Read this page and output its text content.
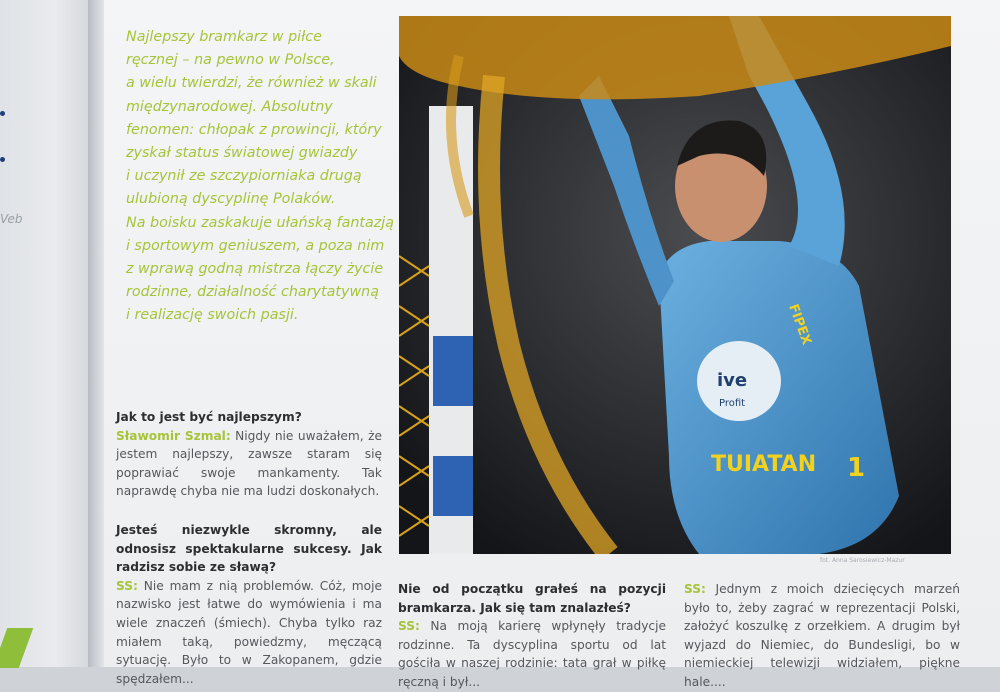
Veb

Najlepszy bramkarz w piłce

ręcznej – na pewno w Polsce,

a wielu twierdzi, że również w skali

międzynarodowej. Absolutny

fenomen: chłopak z prowincji, który

zyskał status światowej gwiazdy

i uczynił ze szczypiorniaka drugą

ulubioną dyscyplinę Polaków.

Na boisku zaskakuje ułańską fantazją

i sportowym geniuszem, a poza nim

z wprawą godną mistrza łączy życie

rodzinne, działalność charytatywną

i realizację swoich pasji.

Jak to jest być najlepszym?

Sławomir Szmal: Nigdy nie uważałem, że jestem najlepszy, zawsze staram się poprawiać swoje mankamenty. Tak naprawdę chyba nie ma ludzi doskonałych.

Jesteś niezwykle skromny, ale odnosisz spektakularne sukcesy. Jak radzisz sobie ze sławą?

SS: Nie mam z nią problemów. Cóż, moje nazwisko jest łatwe do wymówienia i ma wiele znaczeń (śmiech). Chyba tylko raz miałem taką, powiedzmy, męczącą sytuację. Było to w Zakopanem, gdzie spędzałem...

Nie od początku grałeś na pozycji bramkarza. Jak się tam znalazłeś?

SS: Na moją karierę wpłynęły tradycje rodzinne. Ta dyscyplina sportu od lat gościła w naszej rodzinie: tata grał w piłkę ręczną i był...

SS: Jednym z moich dziecięcych marzeń było to, żeby zagrać w reprezentacji Polski, założyć koszulkę z orzełkiem. A drugim był wyjazd do Niemiec, do Bundesligi, bo w niemieckiej telewizji widziałem, piękne hale....

ive
Profit
TUIATAN
FIPEX
1
fot. Anna Sarosiewicz-Mazur
